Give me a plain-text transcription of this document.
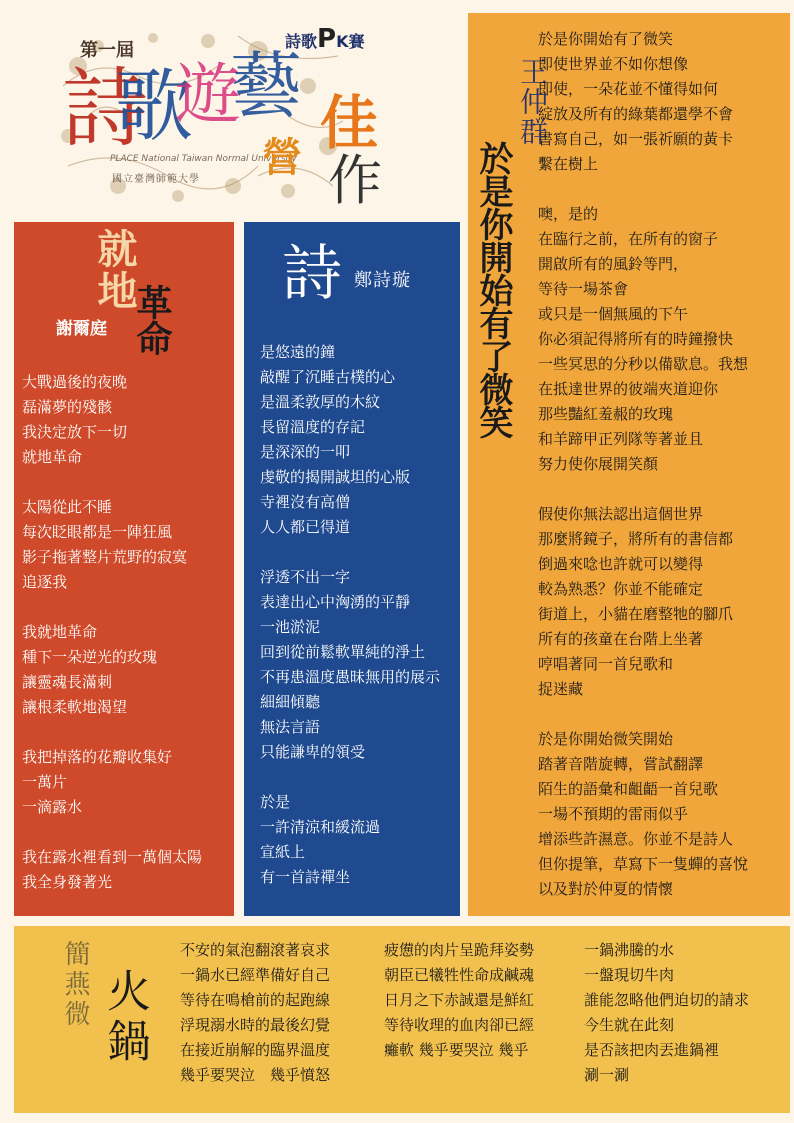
第一屆	詩歌PK賽
詩
歌
遊
藝
PLACE National Taiwan Normal University
國立臺灣師範大學 營
佳
作
就地
革命
謝爾庭
大戰過後的夜晚
磊滿夢的殘骸
我決定放下一切
就地革命

太陽從此不睡
每次眨眼都是一陣狂風
影子拖著整片荒野的寂寞
追逐我

我就地革命
種下一朵逆光的玫瑰
讓靈魂長滿刺
讓根柔軟地渴望

我把掉落的花瓣收集好
一萬片
一滴露水

我在露水裡看到一萬個太陽
我全身發著光
詩 鄭詩璇
是悠遠的鐘
敲醒了沉睡古樸的心
是溫柔敦厚的木紋
長留溫度的存記
是深深的一叩
虔敬的揭開誠坦的心版
寺裡沒有高僧
人人都已得道

浮透不出一字
表達出心中洶湧的平靜
一池淤泥
回到從前鬆軟單純的淨土
不再患溫度愚昧無用的展示
細細傾聽
無法言語
只能謙卑的領受

於是
一許清涼和緩流過
宣紙上
有一首詩禪坐
王仲群
於是你開始有了微笑
於是你開始有了微笑
即使世界並不如你想像
即使，一朵花並不懂得如何
綻放及所有的綠葉都還學不會
書寫自己，如一張祈願的黃卡
繫在樹上

噢，是的
在臨行之前，在所有的窗子
開啟所有的風鈴等門，
等待一場茶會
或只是一個無風的下午
你必須記得將所有的時鐘撥快
一些冥思的分秒以備歇息。我想
在抵達世界的彼端夾道迎你
那些豔紅羞赧的玫瑰
和羊蹄甲正列隊等著並且
努力使你展開笑顏

假使你無法認出這個世界
那麼將鏡子，將所有的書信都
倒過來唸也許就可以變得
較為熟悉？你並不能確定
街道上，小貓在磨整牠的腳爪
所有的孩童在台階上坐著
哼唱著同一首兒歌和
捉迷藏

於是你開始微笑開始
踏著音階旋轉，嘗試翻譯
陌生的語彙和齟齬一首兒歌
一場不預期的雷雨似乎
增添些許濕意。你並不是詩人
但你提筆，草寫下一隻蟬的喜悅
以及對於仲夏的情懷
簡燕微 火鍋
不安的氣泡翻滾著哀求
一鍋水已經準備好自己
等待在鳴槍前的起跑線
浮現溺水時的最後幻覺
在接近崩解的臨界溫度
幾乎要哭泣　幾乎憤怒
疲憊的肉片呈跪拜姿勢
朝臣已犧牲性命成鹹魂
日月之下赤誠還是鮮紅
等待收理的血肉卻已經
癱軟 幾乎要哭泣 幾乎
一鍋沸騰的水
一盤現切牛肉
誰能忽略他們迫切的請求
今生就在此刻
是否該把肉丟進鍋裡
涮一涮
